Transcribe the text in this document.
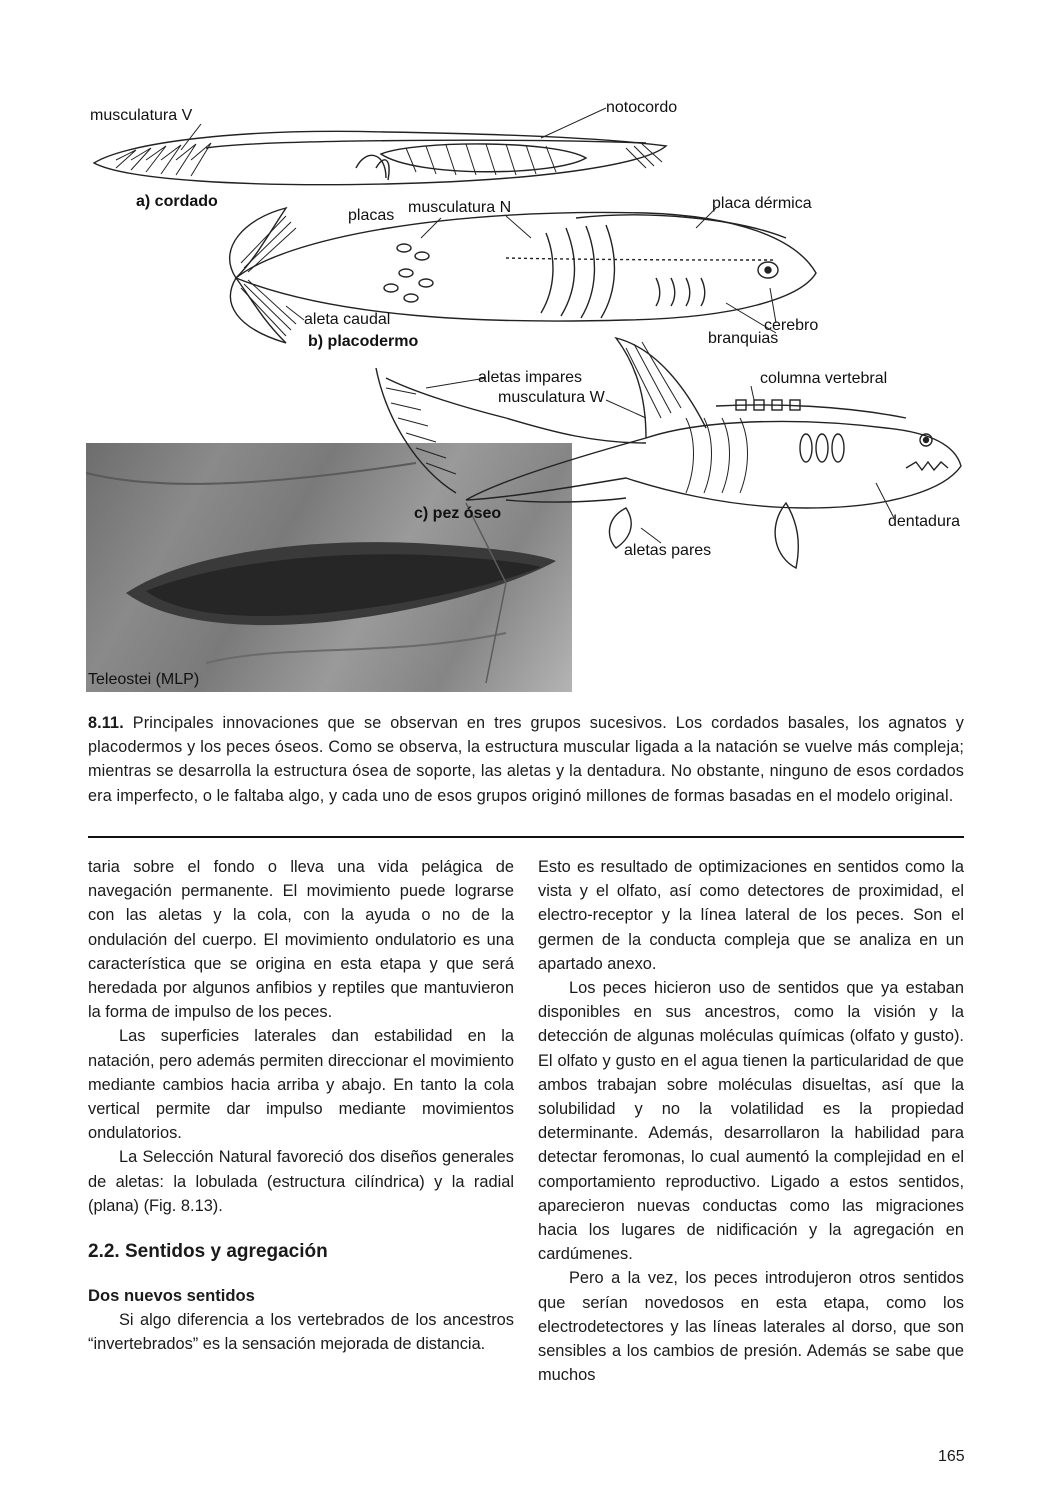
Teleostei (MLP)
musculatura V	notocordo
a) cordado
placas musculatura N	placa dérmica
aleta caudal
b) placodermo
cerebro
branquias
aletas impares
musculatura W
columna vertebral
c) pez óseo	dentadura
aletas pares
8.11. Principales innovaciones que se observan en tres grupos sucesivos. Los cordados basales, los agnatos y placodermos y los peces óseos. Como se observa, la estructura muscular ligada a la natación se vuelve más compleja; mientras se desarrolla la estructura ósea de soporte, las aletas y la dentadura. No obstante, ninguno de esos cordados era imperfecto, o le faltaba algo, y cada uno de esos grupos originó millones de formas basadas en el modelo original.

taria sobre el fondo o lleva una vida pelágica de navegación permanente. El movimiento puede lograrse con las aletas y la cola, con la ayuda o no de la ondulación del cuerpo. El movimiento ondulatorio es una característica que se origina en esta etapa y que será heredada por algunos anfibios y reptiles que mantuvieron la forma de impulso de los peces.

Las superficies laterales dan estabilidad en la natación, pero además permiten direccionar el movimiento mediante cambios hacia arriba y abajo. En tanto la cola vertical permite dar impulso mediante movimientos ondulatorios.

La Selección Natural favoreció dos diseños generales de aletas: la lobulada (estructura cilíndrica) y la radial (plana) (Fig. 8.13).

2.2. Sentidos y agregación
Dos nuevos sentidos

Si algo diferencia a los vertebrados de los ancestros “invertebrados” es la sensación mejorada de distancia.

Esto es resultado de optimizaciones en sentidos como la vista y el olfato, así como detectores de proximidad, el electro-receptor y la línea lateral de los peces. Son el germen de la conducta compleja que se analiza en un apartado anexo.

Los peces hicieron uso de sentidos que ya estaban disponibles en sus ancestros, como la visión y la detección de algunas moléculas químicas (olfato y gusto). El olfato y gusto en el agua tienen la particularidad de que ambos trabajan sobre moléculas disueltas, así que la solubilidad y no la volatilidad es la propiedad determinante. Además, desarrollaron la habilidad para detectar feromonas, lo cual aumentó la complejidad en el comportamiento reproductivo. Ligado a estos sentidos, aparecieron nuevas conductas como las migraciones hacia los lugares de nidificación y la agregación en cardúmenes.

Pero a la vez, los peces introdujeron otros sentidos que serían novedosos en esta etapa, como los electrodetectores y las líneas laterales al dorso, que son sensibles a los cambios de presión. Además se sabe que muchos

165
